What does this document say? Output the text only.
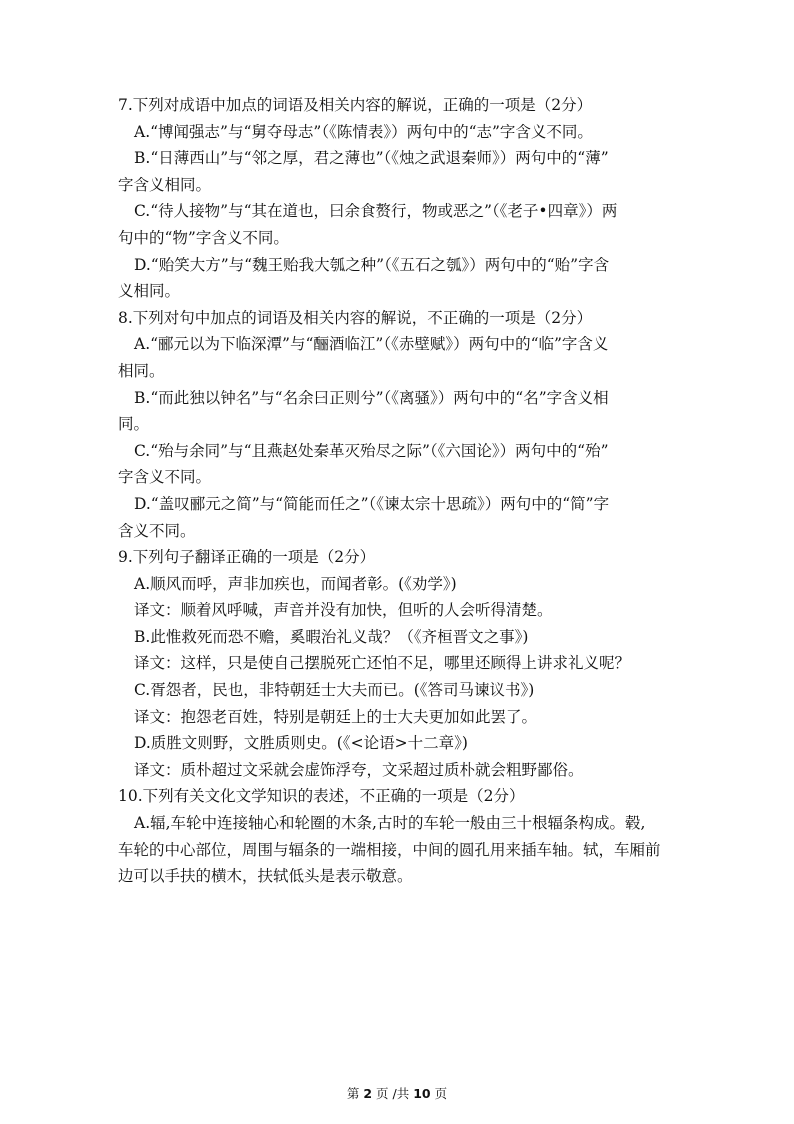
7.下列对成语中加点的词语及相关内容的解说，正确的一项是（2分）
A.“博闻强志”与“舅夺母志”（《陈情表》）两句中的“志”字含义不同。
B.“日薄西山”与“邻之厚，君之薄也”（《烛之武退秦师》）两句中的“薄”
字含义相同。
C.“待人接物”与“其在道也，曰余食赘行，物或恶之”（《老子•四章》）两
句中的“物”字含义不同。
D.“贻笑大方”与“魏王贻我大瓠之种”（《五石之瓠》）两句中的“贻”字含
义相同。
8.下列对句中加点的词语及相关内容的解说，不正确的一项是（2分）
A.“郦元以为下临深潭”与“酾酒临江”（《赤壁赋》）两句中的“临”字含义
相同。
B.“而此独以钟名”与“名余曰正则兮”（《离骚》）两句中的“名”字含义相
同。
C.“殆与余同”与“且燕赵处秦革灭殆尽之际”（《六国论》）两句中的“殆”
字含义不同。
D.“盖叹郦元之简”与“简能而任之”（《谏太宗十思疏》）两句中的“简”字
含义不同。
9.下列句子翻译正确的一项是（2分）
A.顺风而呼，声非加疾也，而闻者彰。(《劝学》)
译文：顺着风呼喊，声音并没有加快，但听的人会听得清楚。
B.此惟救死而恐不赡，奚暇治礼义哉？（《齐桓晋文之事》)
译文：这样，只是使自己摆脱死亡还怕不足，哪里还顾得上讲求礼义呢？
C.胥怨者，民也，非特朝廷士大夫而已。(《答司马谏议书》)
译文：抱怨老百姓，特别是朝廷上的士大夫更加如此罢了。
D.质胜文则野，文胜质则史。(《<论语>十二章》)
译文：质朴超过文采就会虚饰浮夸，文采超过质朴就会粗野鄙俗。
10.下列有关文化文学知识的表述，不正确的一项是（2分）
A.辐,车轮中连接轴心和轮圈的木条,古时的车轮一般由三十根辐条构成。毂,
车轮的中心部位，周围与辐条的一端相接，中间的圆孔用来插车轴。轼，车厢前
边可以手扶的横木，扶轼低头是表示敬意。
第 2 页 /共 10 页
